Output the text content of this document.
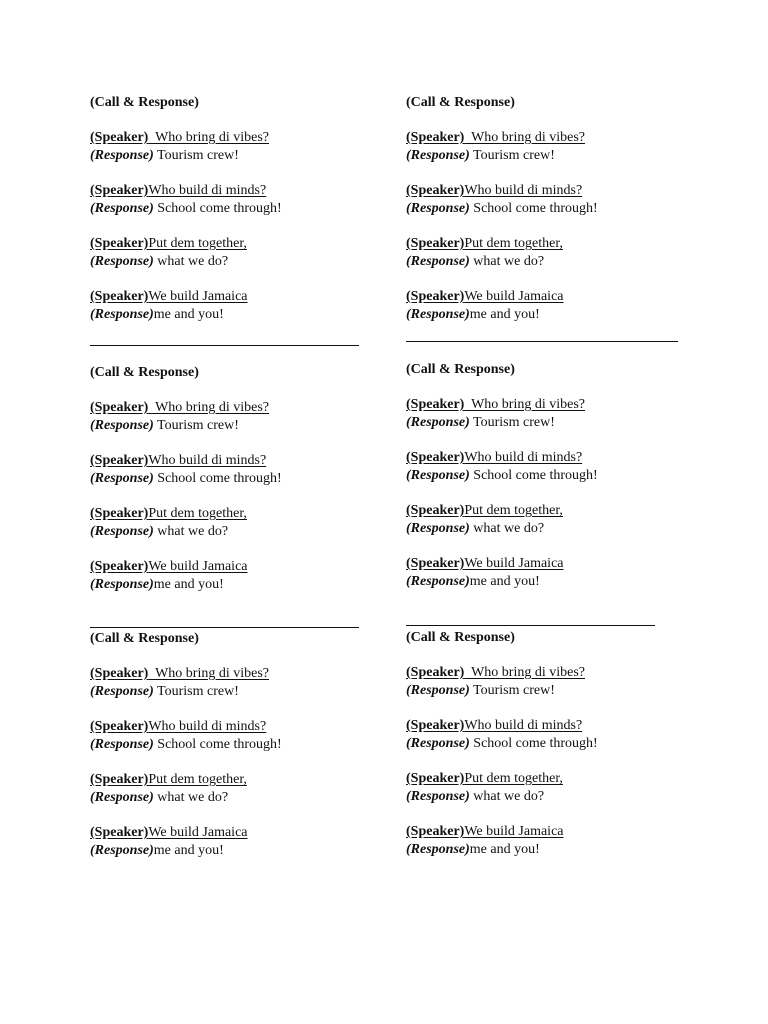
(Call & Response)
(Speaker)  Who bring di vibes?
(Response) Tourism crew!
(Speaker)Who build di minds?
(Response) School come through!
(Speaker)Put dem together,
(Response) what we do?
(Speaker)We build Jamaica
(Response)me and you!
(Call & Response)
(Speaker)  Who bring di vibes?
(Response) Tourism crew!
(Speaker)Who build di minds?
(Response) School come through!
(Speaker)Put dem together,
(Response) what we do?
(Speaker)We build Jamaica
(Response)me and you!
(Call & Response)
(Speaker)  Who bring di vibes?
(Response) Tourism crew!
(Speaker)Who build di minds?
(Response) School come through!
(Speaker)Put dem together,
(Response) what we do?
(Speaker)We build Jamaica
(Response)me and you!
(Call & Response)
(Speaker)  Who bring di vibes?
(Response) Tourism crew!
(Speaker)Who build di minds?
(Response) School come through!
(Speaker)Put dem together,
(Response) what we do?
(Speaker)We build Jamaica
(Response)me and you!
(Call & Response)
(Speaker)  Who bring di vibes?
(Response) Tourism crew!
(Speaker)Who build di minds?
(Response) School come through!
(Speaker)Put dem together,
(Response) what we do?
(Speaker)We build Jamaica
(Response)me and you!
(Call & Response)
(Speaker)  Who bring di vibes?
(Response) Tourism crew!
(Speaker)Who build di minds?
(Response) School come through!
(Speaker)Put dem together,
(Response) what we do?
(Speaker)We build Jamaica
(Response)me and you!
